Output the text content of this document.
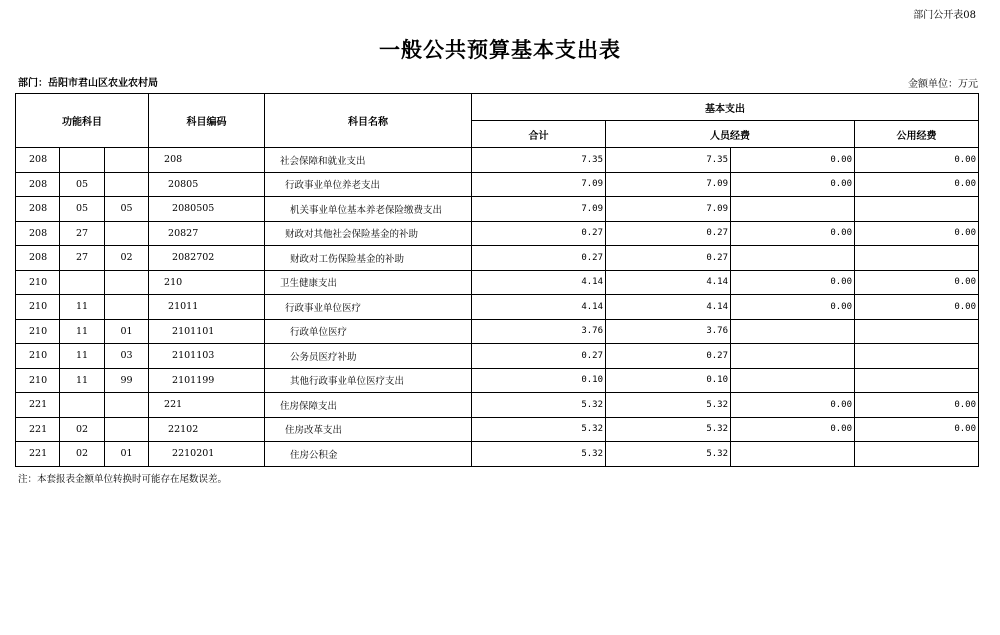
部门公开表08
一般公共预算基本支出表
部门：岳阳市君山区农业农村局	金额单位：万元
功能科目			科目编码	科目名称	基本支出			
					合计	人员经费		公用经费
208			208	社会保障和就业支出	7.35	7.35	0.00	0.00
208	05		20805	行政事业单位养老支出	7.09	7.09	0.00	0.00
208	05	05	2080505	机关事业单位基本养老保险缴费支出	7.09	7.09		
208	27		20827	财政对其他社会保险基金的补助	0.27	0.27	0.00	0.00
208	27	02	2082702	财政对工伤保险基金的补助	0.27	0.27		
210			210	卫生健康支出	4.14	4.14	0.00	0.00
210	11		21011	行政事业单位医疗	4.14	4.14	0.00	0.00
210	11	01	2101101	行政单位医疗	3.76	3.76		
210	11	03	2101103	公务员医疗补助	0.27	0.27		
210	11	99	2101199	其他行政事业单位医疗支出	0.10	0.10		
221			221	住房保障支出	5.32	5.32	0.00	0.00
221	02		22102	住房改革支出	5.32	5.32	0.00	0.00
221	02	01	2210201	住房公积金	5.32	5.32		
注：本套报表金额单位转换时可能存在尾数误差。
